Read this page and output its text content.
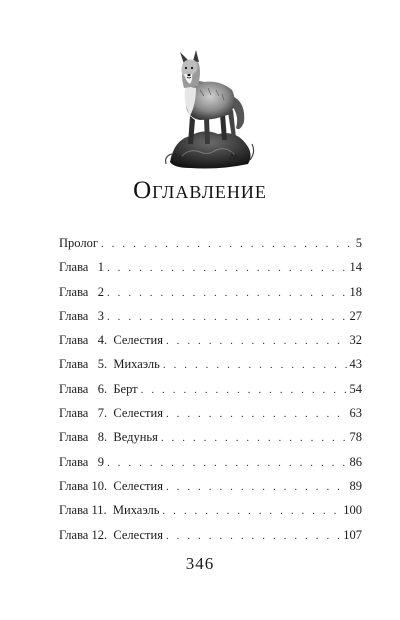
Оглавление
Пролог . . .	5
Глава   1 . . .	14
Глава   2 . . .	18
Глава   3 . . .	27
Глава   4.  Селестия . . .	32
Глава   5.  Михаэль . . .	43
Глава   6.  Берт . . .	54
Глава   7.  Селестия . . .	63
Глава   8.  Ведунья . . .	78
Глава   9 . . .	86
Глава 10.  Селестия . . .	89
Глава 11.  Михаэль . . .	100
Глава 12.  Селестия . . .	107
346
